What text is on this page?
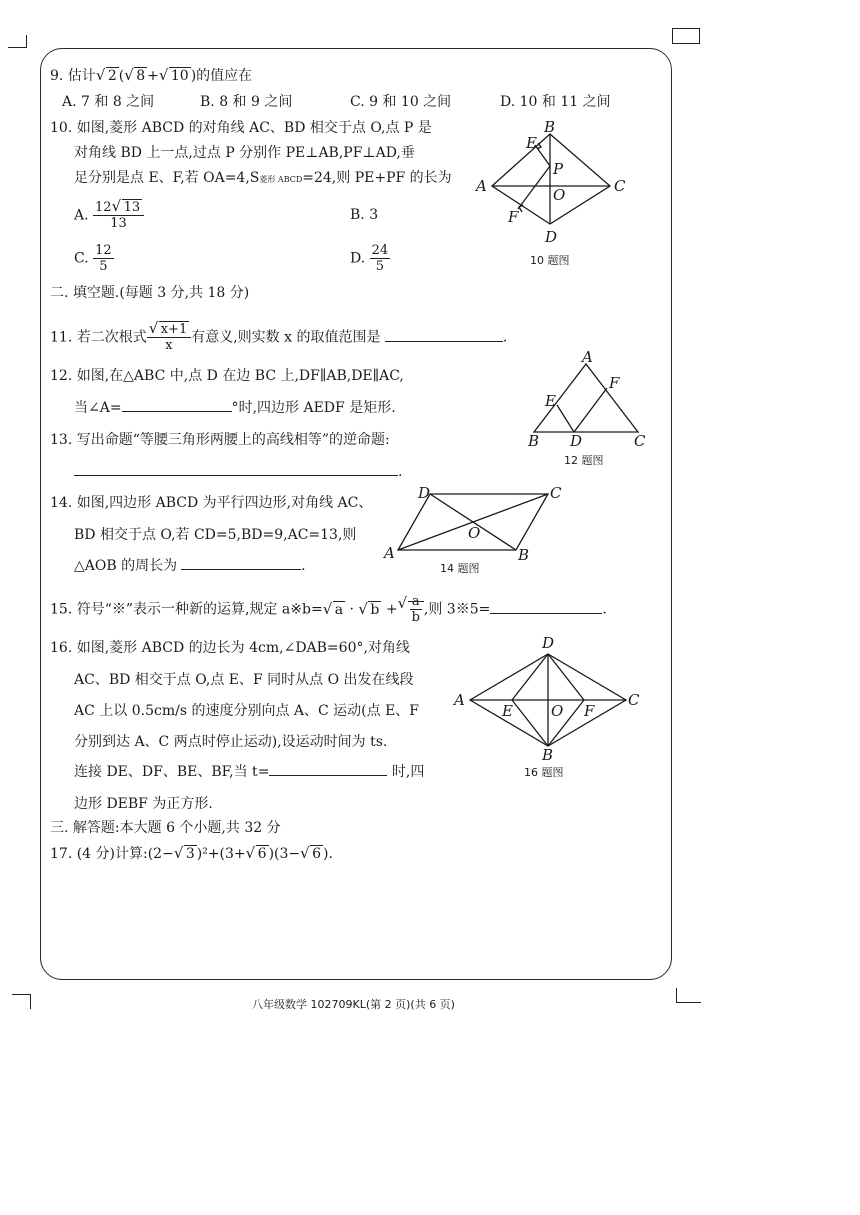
9. 估计 √ 2 ( √ 8 + √ 10 )的值应在
A. 7 和 8 之间	B. 8 和 9 之间	C. 9 和 10 之间	D. 10 和 11 之间
10. 如图,菱形 ABCD 的对角线 AC、BD 相交于点 O,点 P 是
对角线 BD 上一点,过点 P 分别作 PE⊥AB,PF⊥AD,垂
足分别是点 E、F,若 OA=4,S菱形 ABCD=24,则 PE+PF 的长为
A. $\frac{12 √ 13}{13}$	B. 3
C. $\frac{12}{5}$	D. $\frac{24}{5}$
A
B
C
D
E
F
P
O
10 题图
二. 填空题.(每题 3 分,共 18 分)
11. 若二次根式 √ $\frac{x+1}{x}$ 有意义,则实数 x 的取值范围是	.
12. 如图,在△ABC 中,点 D 在边 BC 上,DF∥AB,DE∥AC,
当∠A=	°时,四边形 AEDF 是矩形.
A
B	C
D
E
F
12 题图
13. 写出命题“等腰三角形两腰上的高线相等”的逆命题:
.
14. 如图,四边形 ABCD 为平行四边形,对角线 AC、
BD 相交于点 O,若 CD=5,BD=9,AC=13,则
△AOB 的周长为	.
A	B
C
D
O
14 题图
15. 符号“※”表示一种新的运算,规定 a※b= √ a · √ b + √ $\frac{a}{b}$ ,则 3※5=	.
16. 如图,菱形 ABCD 的边长为 4cm,∠DAB=60°,对角线
AC、BD 相交于点 O,点 E、F 同时从点 O 出发在线段
AC 上以 0.5cm/s 的速度分别向点 A、C 运动(点 E、F
分别到达 A、C 两点时停止运动),设运动时间为 ts.
连接 DE、DF、BE、BF,当 t=	时,四
边形 DEBF 为正方形.
A
B
C
D
E	F
O
16 题图
三. 解答题:本大题 6 个小题,共 32 分
17. (4 分)计算:(2− √ 3 )²+(3+ √ 6 )(3− √ 6 ).
八年级数学 102709KL(第 2 页)(共 6 页)
